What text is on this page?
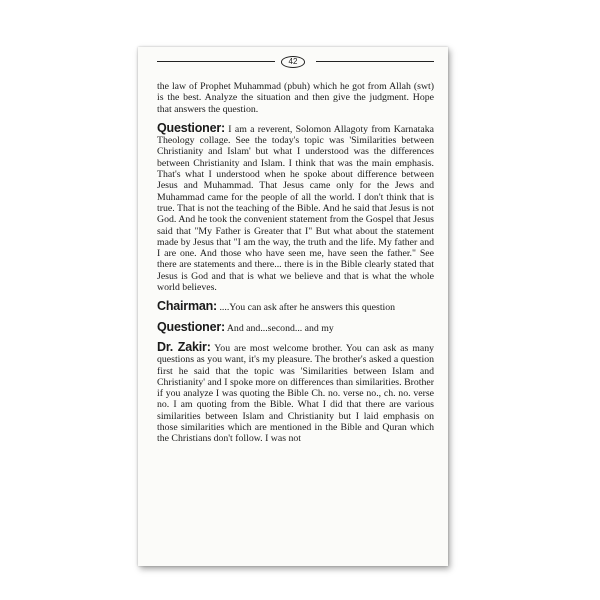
42

the law of Prophet Muhammad (pbuh) which he got from Allah (swt) is the best. Analyze the situation and then give the judgment. Hope that answers the question.

Questioner: I am a reverent, Solomon Allagoty from Karnataka Theology collage. See the today's topic was 'Similarities between Christianity and Islam' but what I understood was the differences between Christianity and Islam. I think that was the main emphasis. That's what I understood when he spoke about difference between Jesus and Muhammad. That Jesus came only for the Jews and Muhammad came for the people of all the world. I don't think that is true. That is not the teaching of the Bible. And he said that Jesus is not God. And he took the convenient statement from the Gospel that Jesus said that "My Father is Greater that I" But what about the statement made by Jesus that "I am the way, the truth and the life. My father and I are one. And those who have seen me, have seen the father." See there are statements and there... there is in the Bible clearly stated that Jesus is God and that is what we believe and that is what the whole world believes.

Chairman: ....You can ask after he answers this question

Questioner: And and...second... and my

Dr. Zakir: You are most welcome brother. You can ask as many questions as you want, it's my pleasure. The brother's asked a question first he said that the topic was 'Similarities between Islam and Christianity' and I spoke more on differences than similarities. Brother if you analyze I was quoting the Bible Ch. no. verse no., ch. no. verse no. I am quoting from the Bible. What I did that there are various similarities between Islam and Christianity but I laid emphasis on those similarities which are mentioned in the Bible and Quran which the Christians don't follow. I was not
